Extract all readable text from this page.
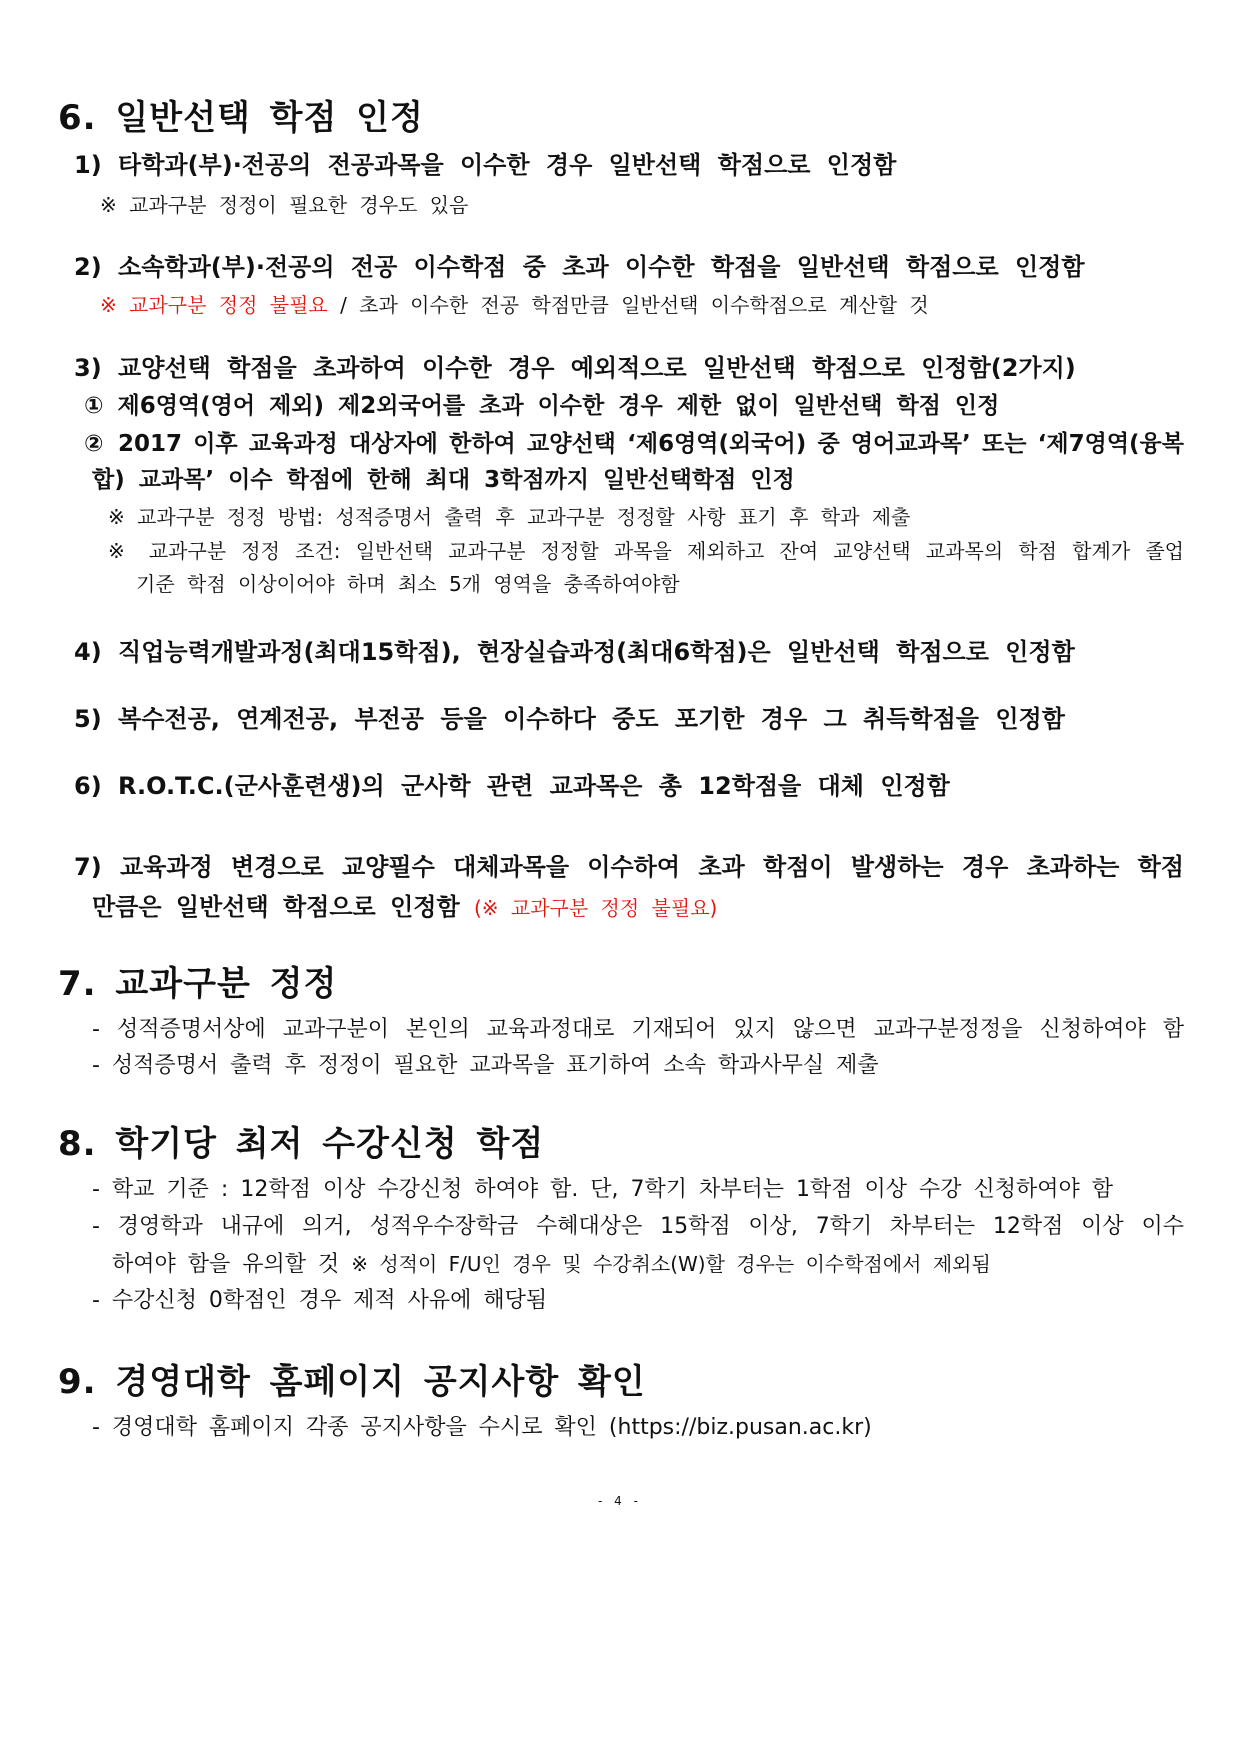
6. 일반선택 학점 인정
1) 타학과(부)·전공의 전공과목을 이수한 경우 일반선택 학점으로 인정함
※ 교과구분 정정이 필요한 경우도 있음
2) 소속학과(부)·전공의 전공 이수학점 중 초과 이수한 학점을 일반선택 학점으로 인정함
※ 교과구분 정정 불필요 / 초과 이수한 전공 학점만큼 일반선택 이수학점으로 계산할 것
3) 교양선택 학점을 초과하여 이수한 경우 예외적으로 일반선택 학점으로 인정함(2가지)
① 제6영역(영어 제외) 제2외국어를 초과 이수한 경우 제한 없이 일반선택 학점 인정
② 2017 이후 교육과정 대상자에 한하여 교양선택 ‘제6영역(외국어) 중 영어교과목’ 또는 ‘제7영역(융복
합) 교과목’ 이수 학점에 한해 최대 3학점까지 일반선택학점 인정
※ 교과구분 정정 방법: 성적증명서 출력 후 교과구분 정정할 사항 표기 후 학과 제출
※ 교과구분 정정 조건: 일반선택 교과구분 정정할 과목을 제외하고 잔여 교양선택 교과목의 학점 합계가 졸업
기준 학점 이상이어야 하며 최소 5개 영역을 충족하여야함
4) 직업능력개발과정(최대15학점), 현장실습과정(최대6학점)은 일반선택 학점으로 인정함
5) 복수전공, 연계전공, 부전공 등을 이수하다 중도 포기한 경우 그 취득학점을 인정함
6) R.O.T.C.(군사훈련생)의 군사학 관련 교과목은 총 12학점을 대체 인정함
7) 교육과정 변경으로 교양필수 대체과목을 이수하여 초과 학점이 발생하는 경우 초과하는 학점
만큼은 일반선택 학점으로 인정함 (※ 교과구분 정정 불필요)
7. 교과구분 정정
- 성적증명서상에 교과구분이 본인의 교육과정대로 기재되어 있지 않으면 교과구분정정을 신청하여야 함
- 성적증명서 출력 후 정정이 필요한 교과목을 표기하여 소속 학과사무실 제출
8. 학기당 최저 수강신청 학점
- 학교 기준 : 12학점 이상 수강신청 하여야 함. 단, 7학기 차부터는 1학점 이상 수강 신청하여야 함
- 경영학과 내규에 의거, 성적우수장학금 수혜대상은 15학점 이상, 7학기 차부터는 12학점 이상 이수
하여야 함을 유의할 것 ※ 성적이 F/U인 경우 및 수강취소(W)할 경우는 이수학점에서 제외됨
- 수강신청 0학점인 경우 제적 사유에 해당됨
9. 경영대학 홈페이지 공지사항 확인
- 경영대학 홈페이지 각종 공지사항을 수시로 확인 (https://biz.pusan.ac.kr)
- 4 -
